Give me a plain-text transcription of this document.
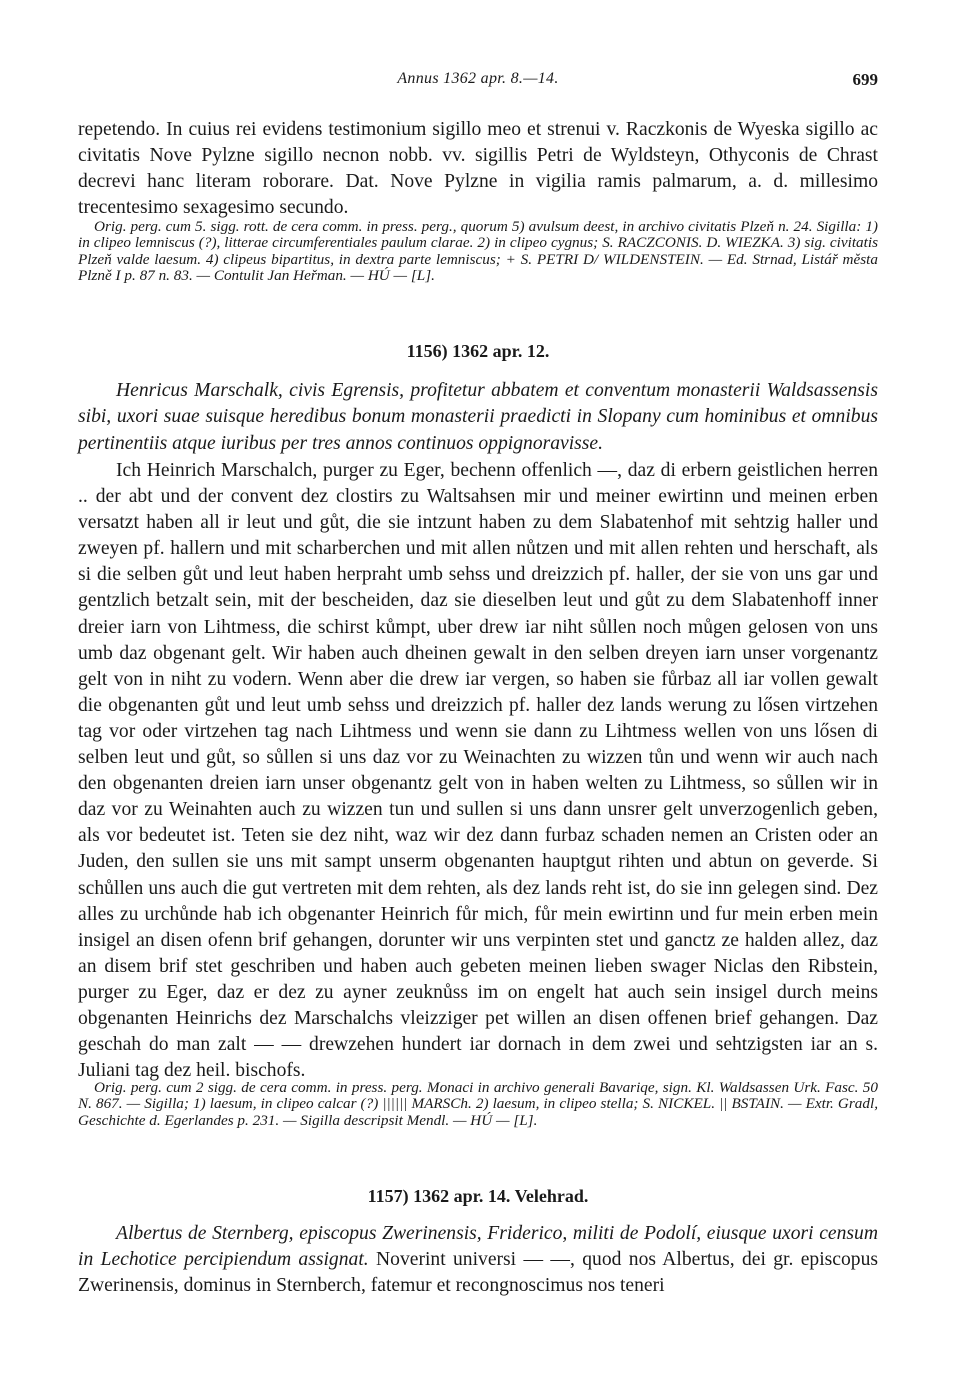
Annus 1362 apr. 8.—14.	699

repetendo. In cuius rei evidens testimonium sigillo meo et strenui v. Raczkonis de Wyeska sigillo ac civitatis Nove Pylzne sigillo necnon nobb. vv. sigillis Petri de Wyldsteyn, Othyconis de Chrast decrevi hanc literam roborare. Dat. Nove Pylzne in vigilia ramis palmarum, a. d. millesimo trecentesimo sexagesimo secundo.

Orig. perg. cum 5. sigg. rott. de cera comm. in press. perg., quorum 5) avulsum deest, in archivo civitatis Plzeň n. 24. Sigilla: 1) in clipeo lemniscus (?), litterae circumferentiales paulum clarae. 2) in clipeo cygnus; S. RACZCONIS. D. WIEZKA. 3) sig. civitatis Plzeň valde laesum. 4) clipeus bipartitus, in dextra parte lemniscus; + S. PETRI D/ WILDENSTEIN. — Ed. Strnad, Listář města Plzně I p. 87 n. 83. — Contulit Jan Heřman. — HÚ — [L].

1156) 1362 apr. 12.

Henricus Marschalk, civis Egrensis, profitetur abbatem et conventum monasterii Waldsassensis sibi, uxori suae suisque heredibus bonum monasterii praedicti in Slopany cum hominibus et omnibus pertinentiis atque iuribus per tres annos continuos oppignoravisse.

Ich Heinrich Marschalch, purger zu Eger, bechenn offenlich —, daz di erbern geistlichen herren .. der abt und der convent dez clostirs zu Waltsahsen mir und meiner ewirtinn und meinen erben versatzt haben all ir leut und gůt, die sie intzunt haben zu dem Slabatenhof mit sehtzig haller und zweyen pf. hallern und mit scharberchen und mit allen nůtzen und mit allen rehten und herschaft, als si die selben gůt und leut haben herpraht umb sehss und dreizzich pf. haller, der sie von uns gar und gentzlich betzalt sein, mit der bescheiden, daz sie dieselben leut und gůt zu dem Slabatenhoff inner dreier iarn von Lihtmess, die schirst kůmpt, uber drew iar niht sůllen noch můgen gelosen von uns umb daz obgenant gelt. Wir haben auch dheinen gewalt in den selben dreyen iarn unser vorgenantz gelt von in niht zu vodern. Wenn aber die drew iar vergen, so haben sie fůrbaz all iar vollen gewalt die obgenanten gůt und leut umb sehss und dreizzich pf. haller dez lands werung zu lősen virtzehen tag vor oder virtzehen tag nach Lihtmess und wenn sie dann zu Lihtmess wellen von uns lősen di selben leut und gůt, so sůllen si uns daz vor zu Weinachten zu wizzen tůn und wenn wir auch nach den obgenanten dreien iarn unser obgenantz gelt von in haben welten zu Lihtmess, so sůllen wir in daz vor zu Weinahten auch zu wizzen tun und sullen si uns dann unsrer gelt unverzogenlich geben, als vor bedeutet ist. Teten sie dez niht, waz wir dez dann furbaz schaden nemen an Cristen oder an Juden, den sullen sie uns mit sampt unserm obgenanten hauptgut rihten und abtun on geverde. Si schůllen uns auch die gut vertreten mit dem rehten, als dez lands reht ist, do sie inn gelegen sind. Dez alles zu urchůnde hab ich obgenanter Heinrich fůr mich, fůr mein ewirtinn und fur mein erben mein insigel an disen ofenn brif gehangen, dorunter wir uns verpinten stet und ganctz ze halden allez, daz an disem brif stet geschriben und haben auch gebeten meinen lieben swager Niclas den Ribstein, purger zu Eger, daz er dez zu ayner zeuknůss im on engelt hat auch sein insigel durch meins obgenanten Heinrichs dez Marschalchs vleizziger pet willen an disen offenen brief gehangen. Daz geschah do man zalt — — drewzehen hundert iar dornach in dem zwei und sehtzigsten iar an s. Juliani tag dez heil. bischofs.

Orig. perg. cum 2 sigg. de cera comm. in press. perg. Monaci in archivo generali Bavariqe, sign. Kl. Waldsassen Urk. Fasc. 50 N. 867. — Sigilla; 1) laesum, in clipeo calcar (?) |||||| MARSCh. 2) laesum, in clipeo stella; S. NICKEL. || BSTAIN. — Extr. Gradl, Geschichte d. Egerlandes p. 231. — Sigilla descripsit Mendl. — HÚ — [L].

1157) 1362 apr. 14. Velehrad.

Albertus de Sternberg, episcopus Zwerinensis, Friderico, militi de Podolí, eiusque uxori censum in Lechotice percipiendum assignat. Noverint universi — —, quod nos Albertus, dei gr. episcopus Zwerinensis, dominus in Sternberch, fatemur et recongnoscimus nos teneri
